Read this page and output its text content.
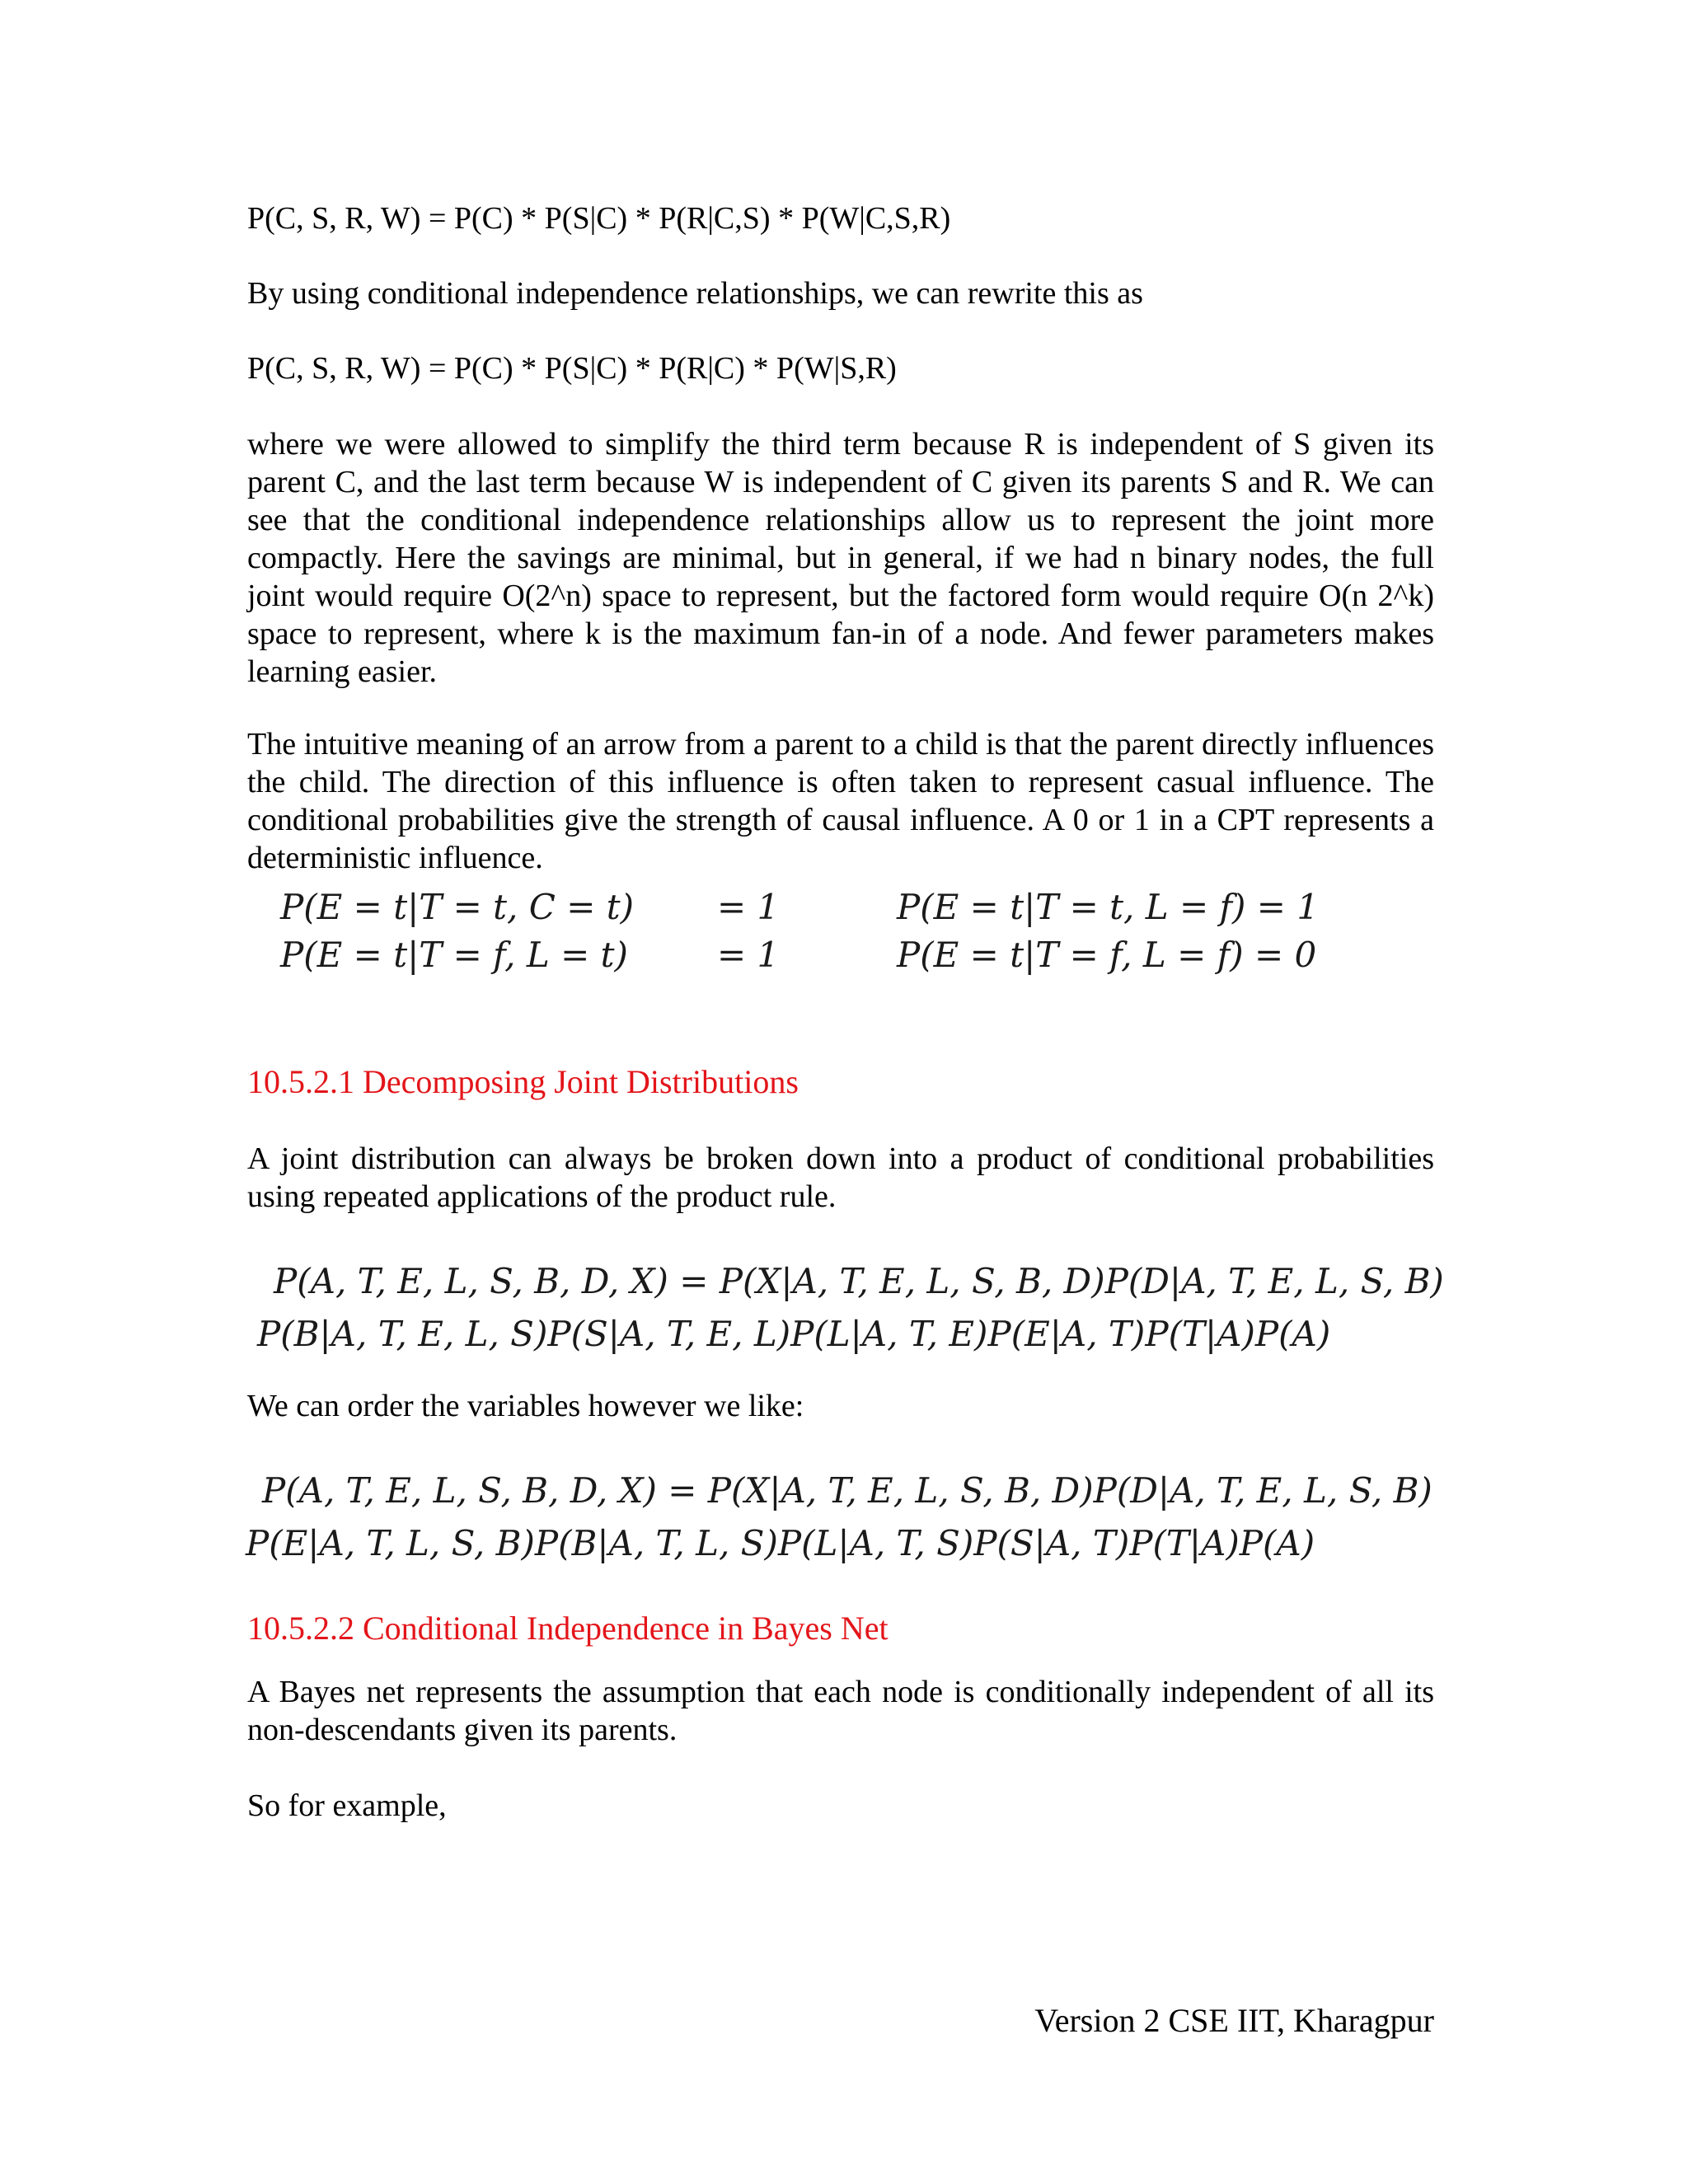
P(C, S, R, W) = P(C) * P(S|C) * P(R|C,S) * P(W|C,S,R)

By using conditional independence relationships, we can rewrite this as

P(C, S, R, W) = P(C) * P(S|C) * P(R|C) * P(W|S,R)

where we were allowed to simplify the third term because R is independent of S given its parent C, and the last term because W is independent of C given its parents S and R. We can see that the conditional independence relationships allow us to represent the joint more compactly. Here the savings are minimal, but in general, if we had n binary nodes, the full joint would require O(2^n) space to represent, but the factored form would require O(n 2^k) space to represent, where k is the maximum fan-in of a node. And fewer parameters makes learning easier.

The intuitive meaning of an arrow from a parent to a child is that the parent directly influences the child. The direction of this influence is often taken to represent casual influence. The conditional probabilities give the strength of causal influence. A 0 or 1 in a CPT represents a deterministic influence.

P(E = t|T = t, C = t) = 1

P(E = t|T = f, L = t)	= 1

P(E = t|T = t, L = f) = 1

P(E = t|T = f, L = f) = 0

10.5.2.1 Decomposing Joint Distributions

A joint distribution can always be broken down into a product of conditional probabilities using repeated applications of the product rule.

P(A, T, E, L, S, B, D, X) = P(X|A, T, E, L, S, B, D)P(D|A, T, E, L, S, B)

P(B|A, T, E, L, S)P(S|A, T, E, L)P(L|A, T, E)P(E|A, T)P(T|A)P(A)

We can order the variables however we like:

P(A, T, E, L, S, B, D, X) = P(X|A, T, E, L, S, B, D)P(D|A, T, E, L, S, B)

P(E|A, T, L, S, B)P(B|A, T, L, S)P(L|A, T, S)P(S|A, T)P(T|A)P(A)

10.5.2.2 Conditional Independence in Bayes Net

A Bayes net represents the assumption that each node is conditionally independent of all its non-descendants given its parents.

So for example,

Version 2 CSE IIT, Kharagpur
